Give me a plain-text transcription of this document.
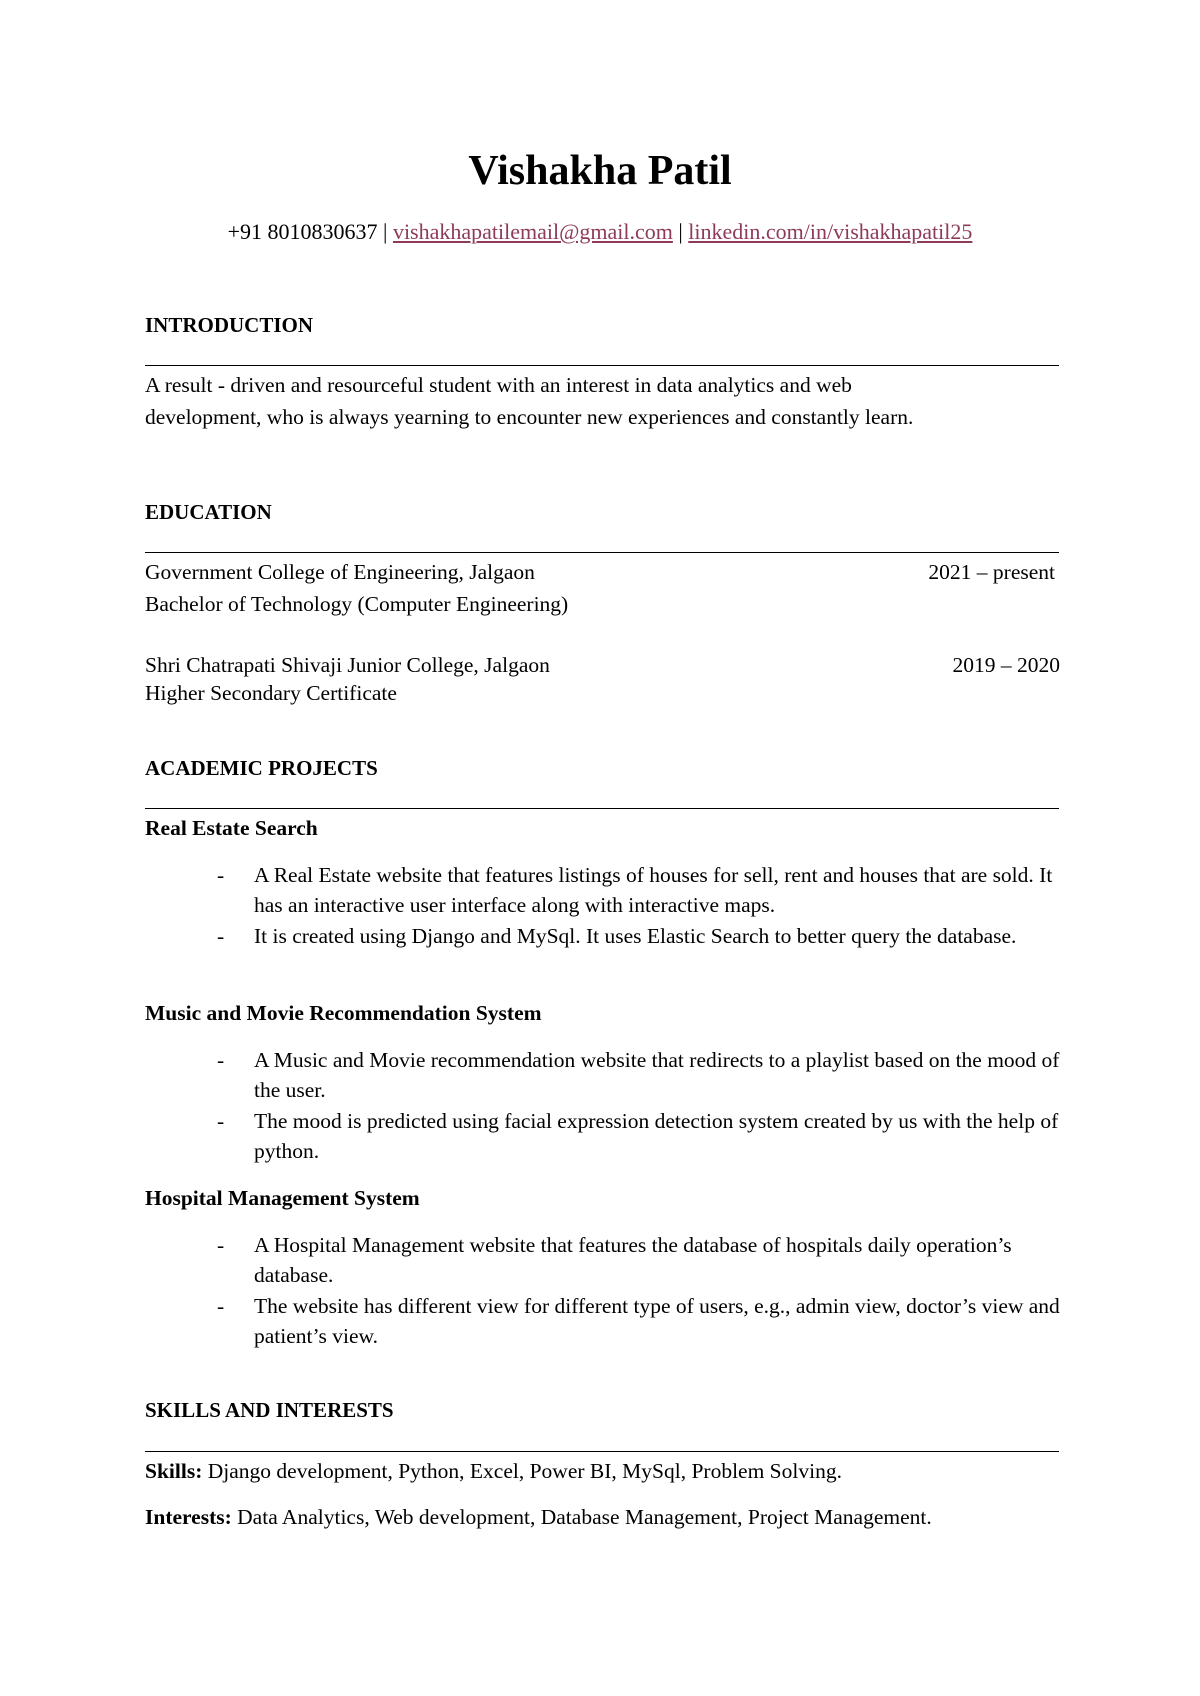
Vishakha Patil
+91 8010830637 | vishakhapatilemail@gmail.com | linkedin.com/in/vishakhapatil25
INTRODUCTION
A result - driven and resourceful student with an interest in data analytics and web
development, who is always yearning to encounter new experiences and constantly learn.
EDUCATION
Government College of Engineering, Jalgaon	2021 – present
Bachelor of Technology (Computer Engineering)
Shri Chatrapati Shivaji Junior College, Jalgaon	2019 – 2020
Higher Secondary Certificate
ACADEMIC PROJECTS
Real Estate Search
- A Real Estate website that features listings of houses for sell, rent and houses that are sold. It has an interactive user interface along with interactive maps.
- It is created using Django and MySql. It uses Elastic Search to better query the database.
Music and Movie Recommendation System
- A Music and Movie recommendation website that redirects to a playlist based on the mood of the user.
- The mood is predicted using facial expression detection system created by us with the help of python.
Hospital Management System
- A Hospital Management website that features the database of hospitals daily operation’s database.
- The website has different view for different type of users, e.g., admin view, doctor’s view and patient’s view.
SKILLS AND INTERESTS
Skills: Django development, Python, Excel, Power BI, MySql, Problem Solving.
Interests: Data Analytics, Web development, Database Management, Project Management.
